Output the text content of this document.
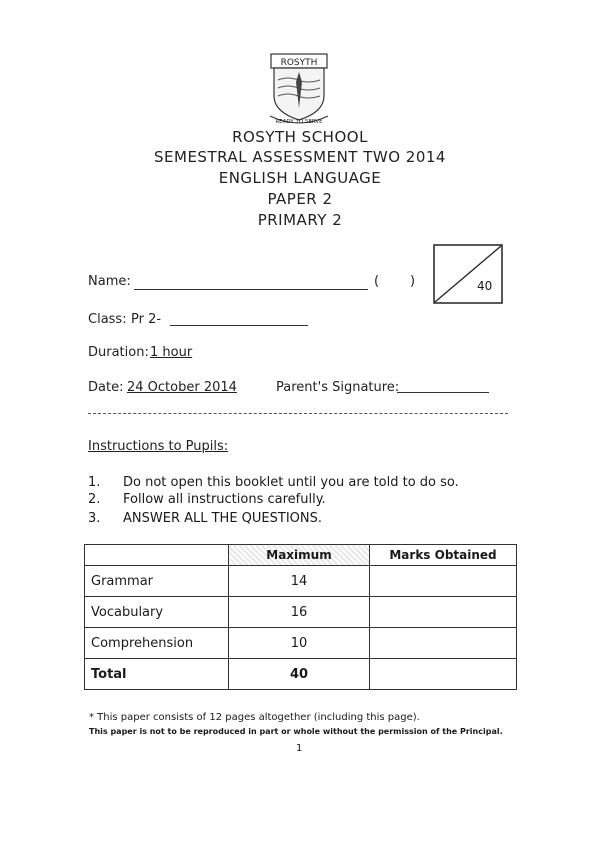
ROSYTH
READY TO SERVE
ROSYTH SCHOOL
SEMESTRAL ASSESSMENT TWO 2014
ENGLISH LANGUAGE
PAPER 2
PRIMARY 2
40
Name:	( )
Class: Pr 2-
Duration: 1 hour
Date: 24 October 2014	Parent's Signature:
Instructions to Pupils:
1. Do not open this booklet until you are told to do so.
2. Follow all instructions carefully.
3. ANSWER ALL THE QUESTIONS.
	Maximum	Marks Obtained
Grammar	14	
Vocabulary	16	
Comprehension	10	
Total	40	
* This paper consists of 12 pages altogether (including this page).
This paper is not to be reproduced in part or whole without the permission of the Principal.
1
